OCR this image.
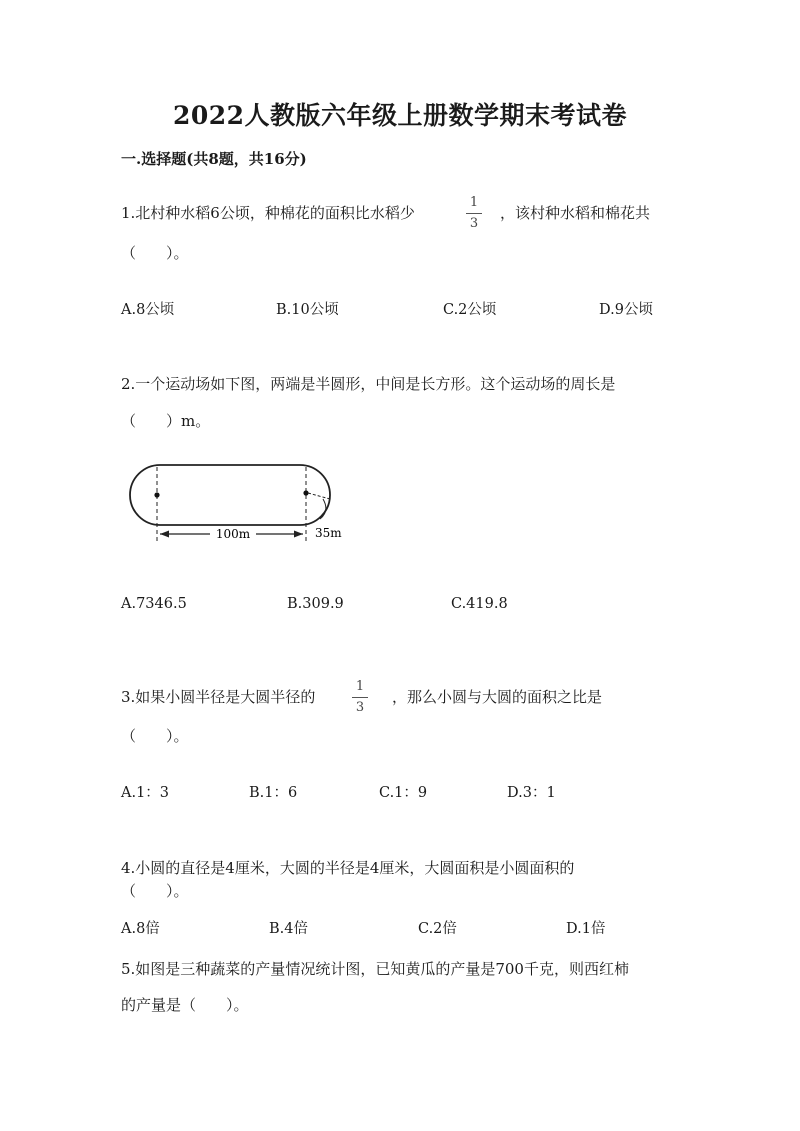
2022人教版六年级上册数学期末考试卷
一.选择题(共8题，共16分)
1.北村种水稻6公顷，种棉花的面积比水稻少
1
3
，该村种水稻和棉花共
（　　）。
A.8公顷	B.10公顷	C.2公顷	D.9公顷
2.一个运动场如下图，两端是半圆形，中间是长方形。这个运动场的周长是
（　　）m。
100m	35m
A.7346.5	B.309.9	C.419.8
3.如果小圆半径是大圆半径的
1
3
，那么小圆与大圆的面积之比是
（　　）。
A.1：3	B.1：6	C.1：9	D.3：1
4.小圆的直径是4厘米，大圆的半径是4厘米，大圆面积是小圆面积的
（　　）。
A.8倍	B.4倍	C.2倍	D.1倍
5.如图是三种蔬菜的产量情况统计图，已知黄瓜的产量是700千克，则西红柿
的产量是（　　）。
